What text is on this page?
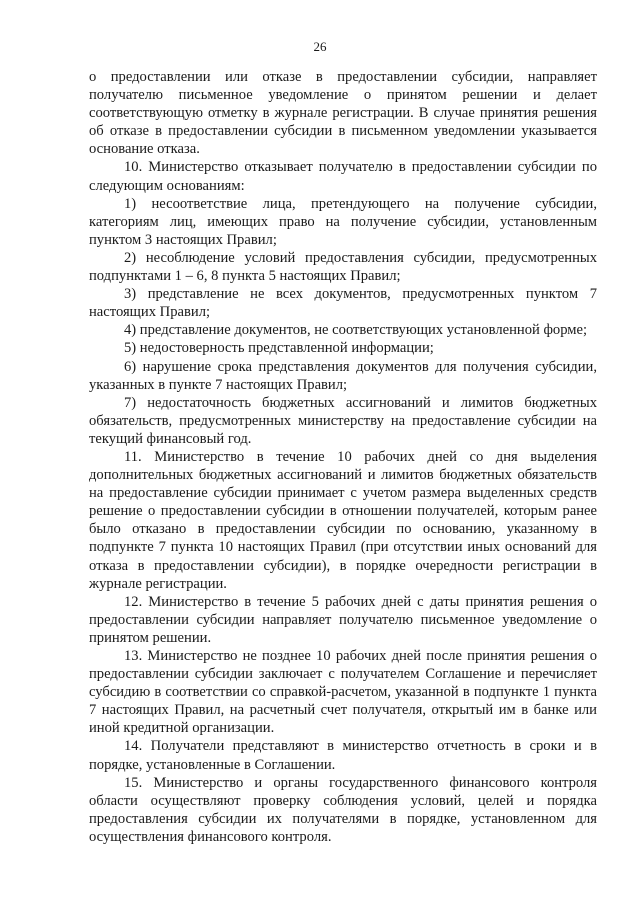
26

о предоставлении или отказе в предоставлении субсидии, направляет получателю письменное уведомление о принятом решении и делает соответствующую отметку в журнале регистрации. В случае принятия решения об отказе в предоставлении субсидии в письменном уведомлении указывается основание отказа.

10. Министерство отказывает получателю в предоставлении субсидии по следующим основаниям:

1) несоответствие лица, претендующего на получение субсидии, категориям лиц, имеющих право на получение субсидии, установленным пунктом 3 настоящих Правил;

2) несоблюдение условий предоставления субсидии, предусмотренных подпунктами 1 – 6, 8 пункта 5 настоящих Правил;

3) представление не всех документов, предусмотренных пунктом 7 настоящих Правил;

4) представление документов, не соответствующих установленной форме;

5) недостоверность представленной информации;

6) нарушение срока представления документов для получения субсидии, указанных в пункте 7 настоящих Правил;

7) недостаточность бюджетных ассигнований и лимитов бюджетных обязательств, предусмотренных министерству на предоставление субсидии на текущий финансовый год.

11. Министерство в течение 10 рабочих дней со дня выделения дополнительных бюджетных ассигнований и лимитов бюджетных обязательств на предоставление субсидии принимает с учетом размера выделенных средств решение о предоставлении субсидии в отношении получателей, которым ранее было отказано в предоставлении субсидии по основанию, указанному в подпункте 7 пункта 10 настоящих Правил (при отсутствии иных оснований для отказа в предоставлении субсидии), в порядке очередности регистрации в журнале регистрации.

12. Министерство в течение 5 рабочих дней с даты принятия решения о предоставлении субсидии направляет получателю письменное уведомление о принятом решении.

13. Министерство не позднее 10 рабочих дней после принятия решения о предоставлении субсидии заключает с получателем Соглашение и перечисляет субсидию в соответствии со справкой-расчетом, указанной в подпункте 1 пункта 7 настоящих Правил, на расчетный счет получателя, открытый им в банке или иной кредитной организации.

14. Получатели представляют в министерство отчетность в сроки и в порядке, установленные в Соглашении.

15. Министерство и органы государственного финансового контроля области осуществляют проверку соблюдения условий, целей и порядка предоставления субсидии их получателями в порядке, установленном для осуществления финансового контроля.
